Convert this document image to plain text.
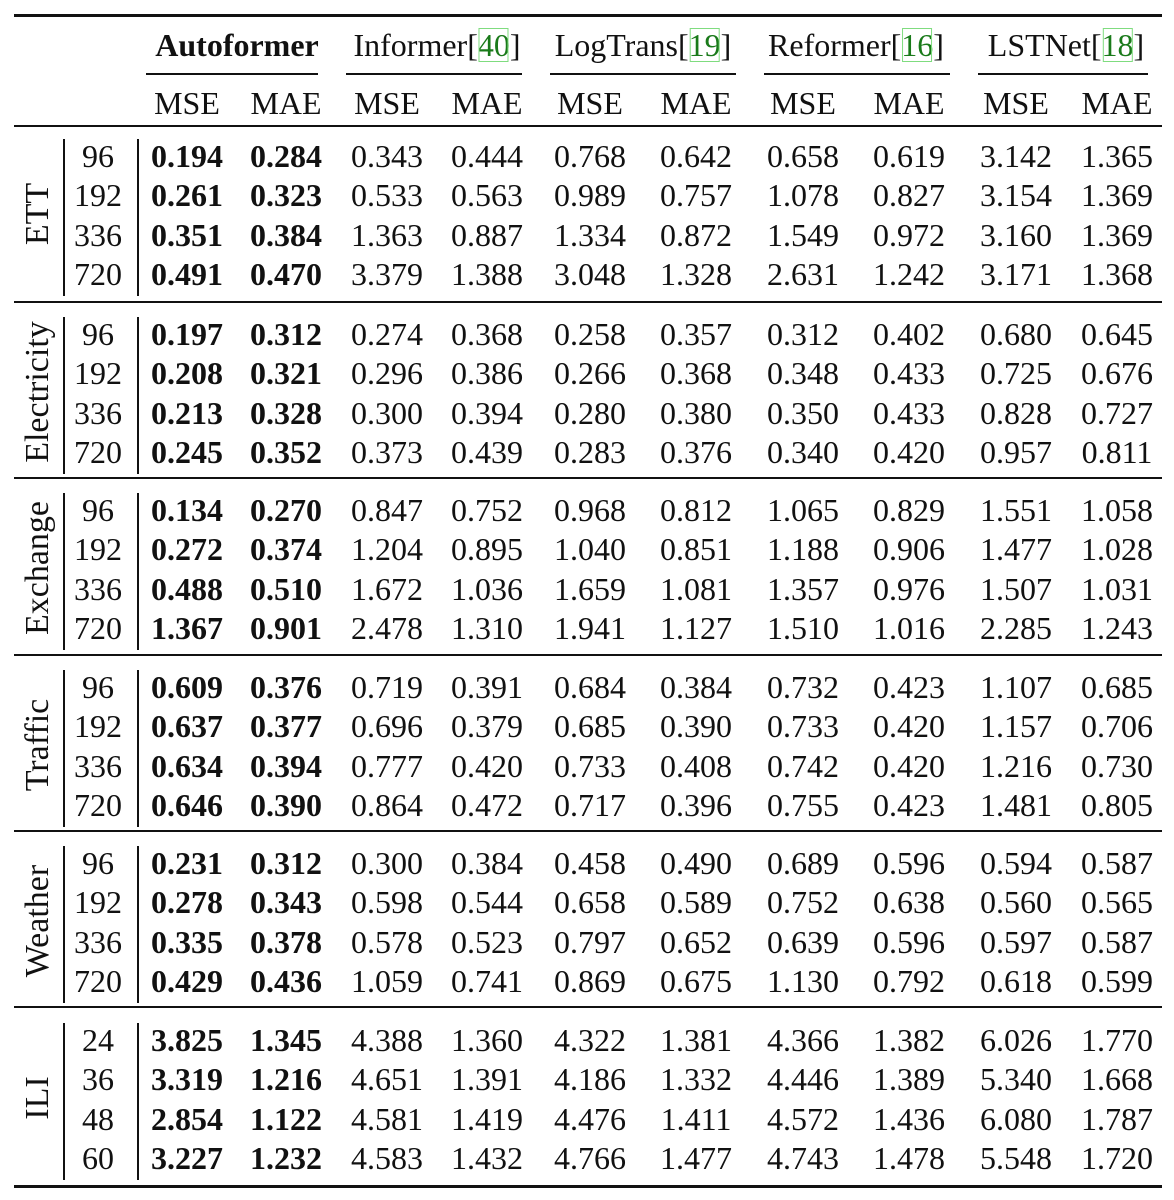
Autoformer Informer[40] LogTrans[19] Reformer[16] LSTNet[18]
MSE MAE MSE MAE MSE MAE MSE MAE MSE MAE
ETT
96 0.194 0.284 0.343 0.444 0.768 0.642 0.658 0.619 3.142 1.365
192 0.261 0.323 0.533 0.563 0.989 0.757 1.078 0.827 3.154 1.369
336 0.351 0.384 1.363 0.887 1.334 0.872 1.549 0.972 3.160 1.369
720 0.491 0.470 3.379 1.388 3.048 1.328 2.631 1.242 3.171 1.368
Electricity 96 0.197 0.312 0.274 0.368 0.258 0.357 0.312 0.402 0.680 0.645
192 0.208 0.321 0.296 0.386 0.266 0.368 0.348 0.433 0.725 0.676
336 0.213 0.328 0.300 0.394 0.280 0.380 0.350 0.433 0.828 0.727
720 0.245 0.352 0.373 0.439 0.283 0.376 0.340 0.420 0.957 0.811
Exchange 96 0.134 0.270 0.847 0.752 0.968 0.812 1.065 0.829 1.551 1.058
192 0.272 0.374 1.204 0.895 1.040 0.851 1.188 0.906 1.477 1.028
336 0.488 0.510 1.672 1.036 1.659 1.081 1.357 0.976 1.507 1.031
720 1.367 0.901 2.478 1.310 1.941 1.127 1.510 1.016 2.285 1.243
Traffic
96 0.609 0.376 0.719 0.391 0.684 0.384 0.732 0.423 1.107 0.685
192 0.637 0.377 0.696 0.379 0.685 0.390 0.733 0.420 1.157 0.706
336 0.634 0.394 0.777 0.420 0.733 0.408 0.742 0.420 1.216 0.730
720 0.646 0.390 0.864 0.472 0.717 0.396 0.755 0.423 1.481 0.805
Weather
96 0.231 0.312 0.300 0.384 0.458 0.490 0.689 0.596 0.594 0.587
192 0.278 0.343 0.598 0.544 0.658 0.589 0.752 0.638 0.560 0.565
336 0.335 0.378 0.578 0.523 0.797 0.652 0.639 0.596 0.597 0.587
720 0.429 0.436 1.059 0.741 0.869 0.675 1.130 0.792 0.618 0.599
ILI
24 3.825 1.345 4.388 1.360 4.322 1.381 4.366 1.382 6.026 1.770
36 3.319 1.216 4.651 1.391 4.186 1.332 4.446 1.389 5.340 1.668
48 2.854 1.122 4.581 1.419 4.476 1.411 4.572 1.436 6.080 1.787
60 3.227 1.232 4.583 1.432 4.766 1.477 4.743 1.478 5.548 1.720
